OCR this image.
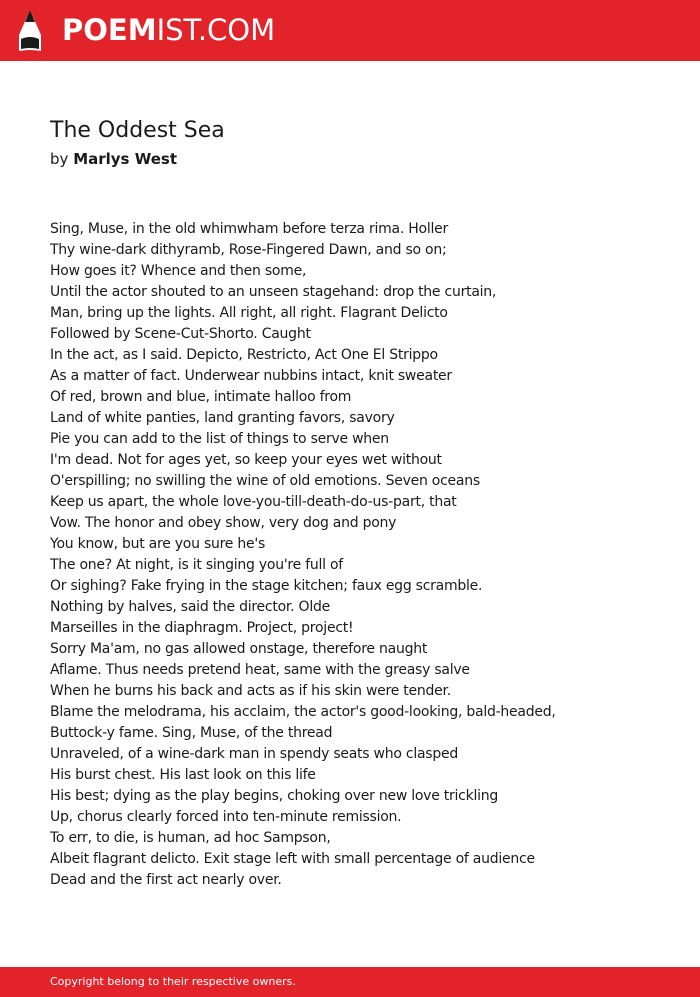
POEMIST.COM
The Oddest Sea
by Marlys West
Sing, Muse, in the old whimwham before terza rima. Holler
Thy wine-dark dithyramb, Rose-Fingered Dawn, and so on;
How goes it? Whence and then some,
Until the actor shouted to an unseen stagehand: drop the curtain,
Man, bring up the lights. All right, all right. Flagrant Delicto
Followed by Scene-Cut-Shorto. Caught
In the act, as I said. Depicto, Restricto, Act One El Strippo
As a matter of fact. Underwear nubbins intact, knit sweater
Of red, brown and blue, intimate halloo from
Land of white panties, land granting favors, savory
Pie you can add to the list of things to serve when
I'm dead. Not for ages yet, so keep your eyes wet without
O'erspilling; no swilling the wine of old emotions. Seven oceans
Keep us apart, the whole love-you-till-death-do-us-part, that
Vow. The honor and obey show, very dog and pony
You know, but are you sure he's
The one? At night, is it singing you're full of
Or sighing? Fake frying in the stage kitchen; faux egg scramble.
Nothing by halves, said the director. Olde
Marseilles in the diaphragm. Project, project!
Sorry Ma'am, no gas allowed onstage, therefore naught
Aflame. Thus needs pretend heat, same with the greasy salve
When he burns his back and acts as if his skin were tender.
Blame the melodrama, his acclaim, the actor's good-looking, bald-headed,
Buttock-y fame. Sing, Muse, of the thread
Unraveled, of a wine-dark man in spendy seats who clasped
His burst chest. His last look on this life
His best; dying as the play begins, choking over new love trickling
Up, chorus clearly forced into ten-minute remission.
To err, to die, is human, ad hoc Sampson,
Albeit flagrant delicto. Exit stage left with small percentage of audience
Dead and the first act nearly over.
Copyright belong to their respective owners.
